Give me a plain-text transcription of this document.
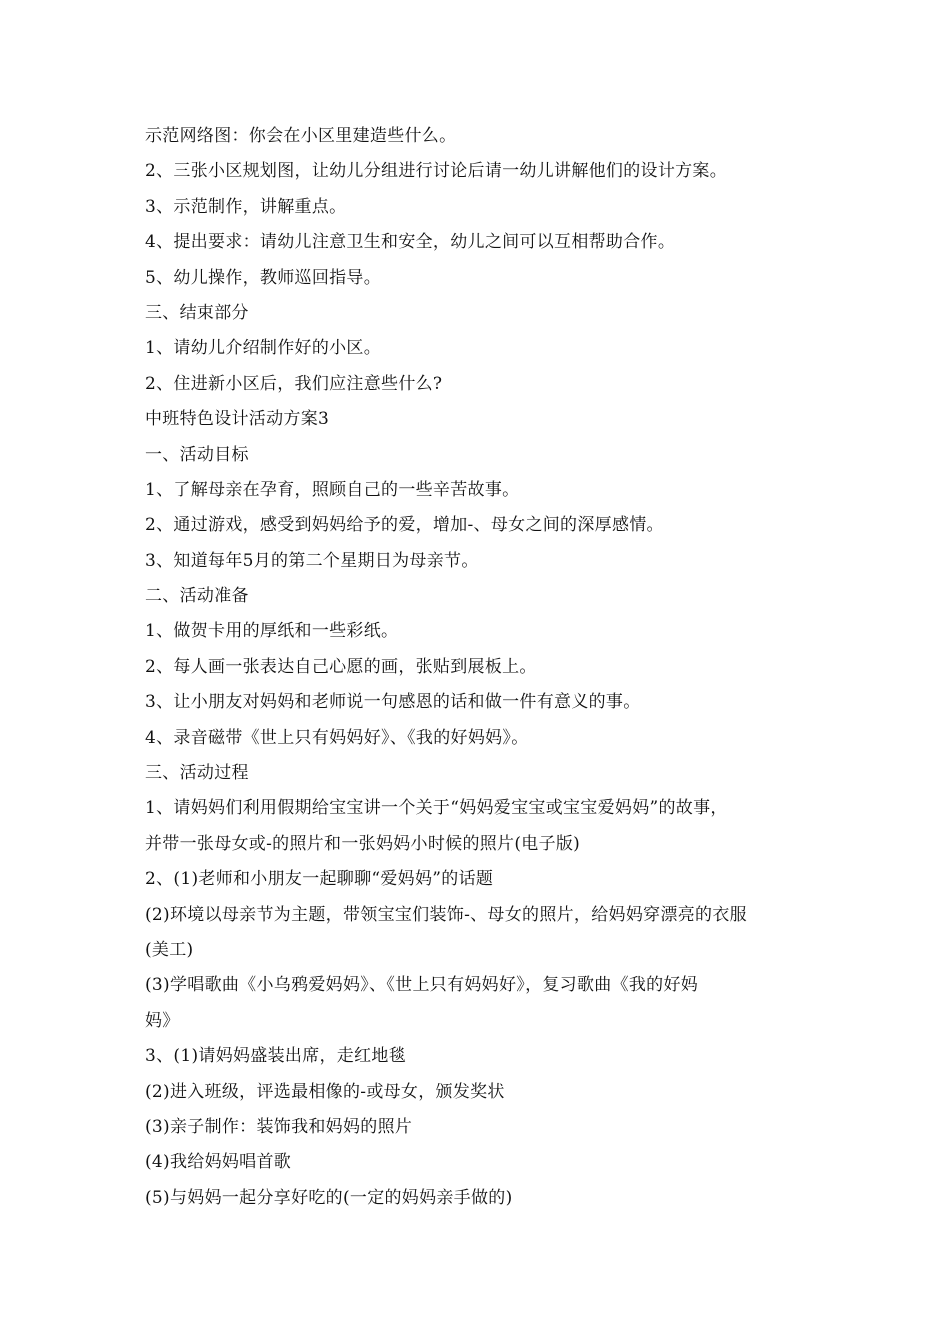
示范网络图：你会在小区里建造些什么。
2、三张小区规划图，让幼儿分组进行讨论后请一幼儿讲解他们的设计方案。
3、示范制作，讲解重点。
4、提出要求：请幼儿注意卫生和安全，幼儿之间可以互相帮助合作。
5、幼儿操作，教师巡回指导。
三、结束部分
1、请幼儿介绍制作好的小区。
2、住进新小区后，我们应注意些什么?
中班特色设计活动方案3
一、活动目标
1、了解母亲在孕育，照顾自己的一些辛苦故事。
2、通过游戏，感受到妈妈给予的爱，增加-、母女之间的深厚感情。
3、知道每年5月的第二个星期日为母亲节。
二、活动准备
1、做贺卡用的厚纸和一些彩纸。
2、每人画一张表达自己心愿的画，张贴到展板上。
3、让小朋友对妈妈和老师说一句感恩的话和做一件有意义的事。
4、录音磁带《世上只有妈妈好》、《我的好妈妈》。
三、活动过程
1、请妈妈们利用假期给宝宝讲一个关于“妈妈爱宝宝或宝宝爱妈妈”的故事，
并带一张母女或-的照片和一张妈妈小时候的照片(电子版)
2、(1)老师和小朋友一起聊聊“爱妈妈”的话题
(2)环境以母亲节为主题，带领宝宝们装饰-、母女的照片，给妈妈穿漂亮的衣服
(美工)
(3)学唱歌曲《小乌鸦爱妈妈》、《世上只有妈妈好》，复习歌曲《我的好妈
妈》
3、(1)请妈妈盛装出席，走红地毯
(2)进入班级，评选最相像的-或母女，颁发奖状
(3)亲子制作：装饰我和妈妈的照片
(4)我给妈妈唱首歌
(5)与妈妈一起分享好吃的(一定的妈妈亲手做的)
